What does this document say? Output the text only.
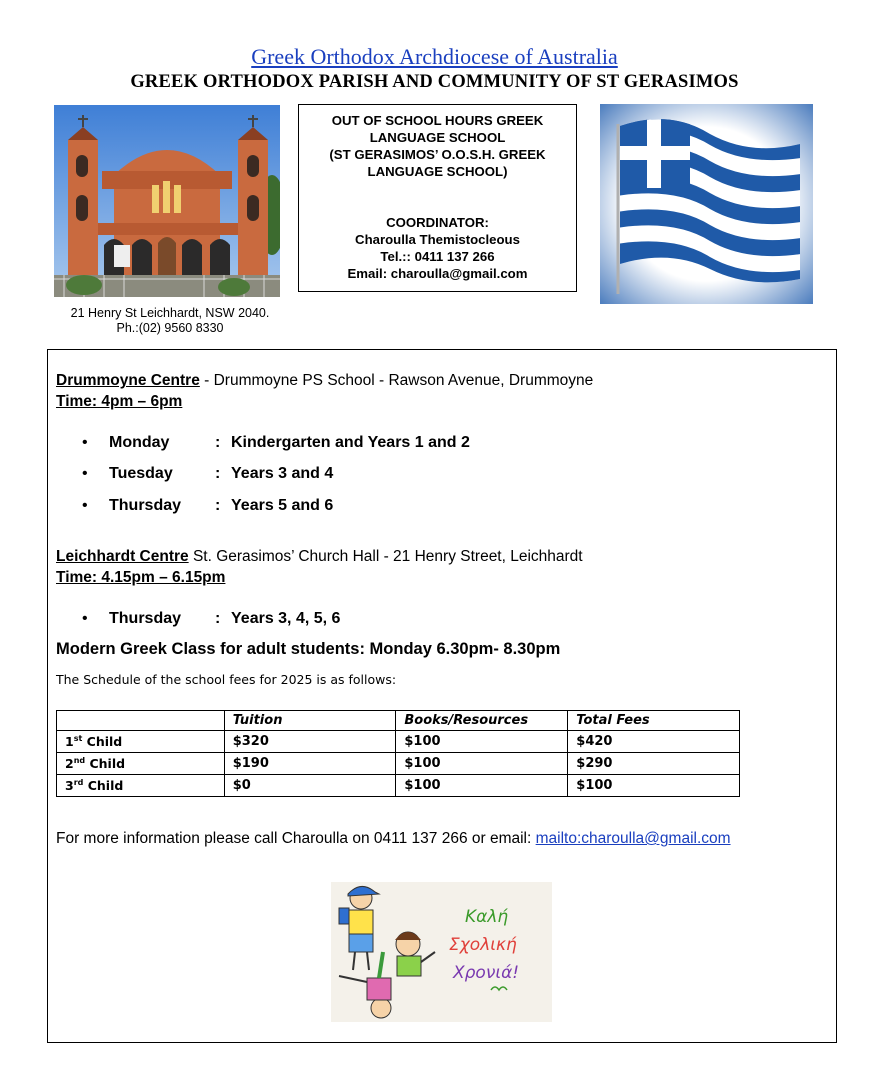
Greek Orthodox Archdiocese of Australia
GREEK ORTHODOX PARISH AND COMMUNITY OF ST GERASIMOS
21 Henry St Leichhardt, NSW 2040.
Ph.:(02) 9560 8330
OUT OF SCHOOL HOURS GREEK
LANGUAGE SCHOOL
(ST GERASIMOS’ O.O.S.H. GREEK
LANGUAGE SCHOOL)
COORDINATOR:
Charoulla Themistocleous
Tel.:: 0411 137 266
Email: charoulla@gmail.com
Drummoyne Centre - Drummoyne PS School - Rawson Avenue, Drummoyne
Time: 4pm – 6pm
• Monday	: Kindergarten and Years 1 and 2
• Tuesday	: Years 3 and 4
• Thursday : Years 5 and 6
Leichhardt Centre St. Gerasimos’ Church Hall - 21 Henry Street, Leichhardt
Time: 4.15pm – 6.15pm
• Thursday : Years 3, 4, 5, 6
Modern Greek Class for adult students: Monday 6.30pm- 8.30pm
The Schedule of the school fees for 2025 is as follows:
	Tuition	Books/Resources	Total Fees
1st Child	$320	$100	$420
2nd Child	$190	$100	$290
3rd Child	$0	$100	$100
For more information please call Charoulla on 0411 137 266 or email: mailto:charoulla@gmail.com
Καλή
Σχολική
Χρονιά!
